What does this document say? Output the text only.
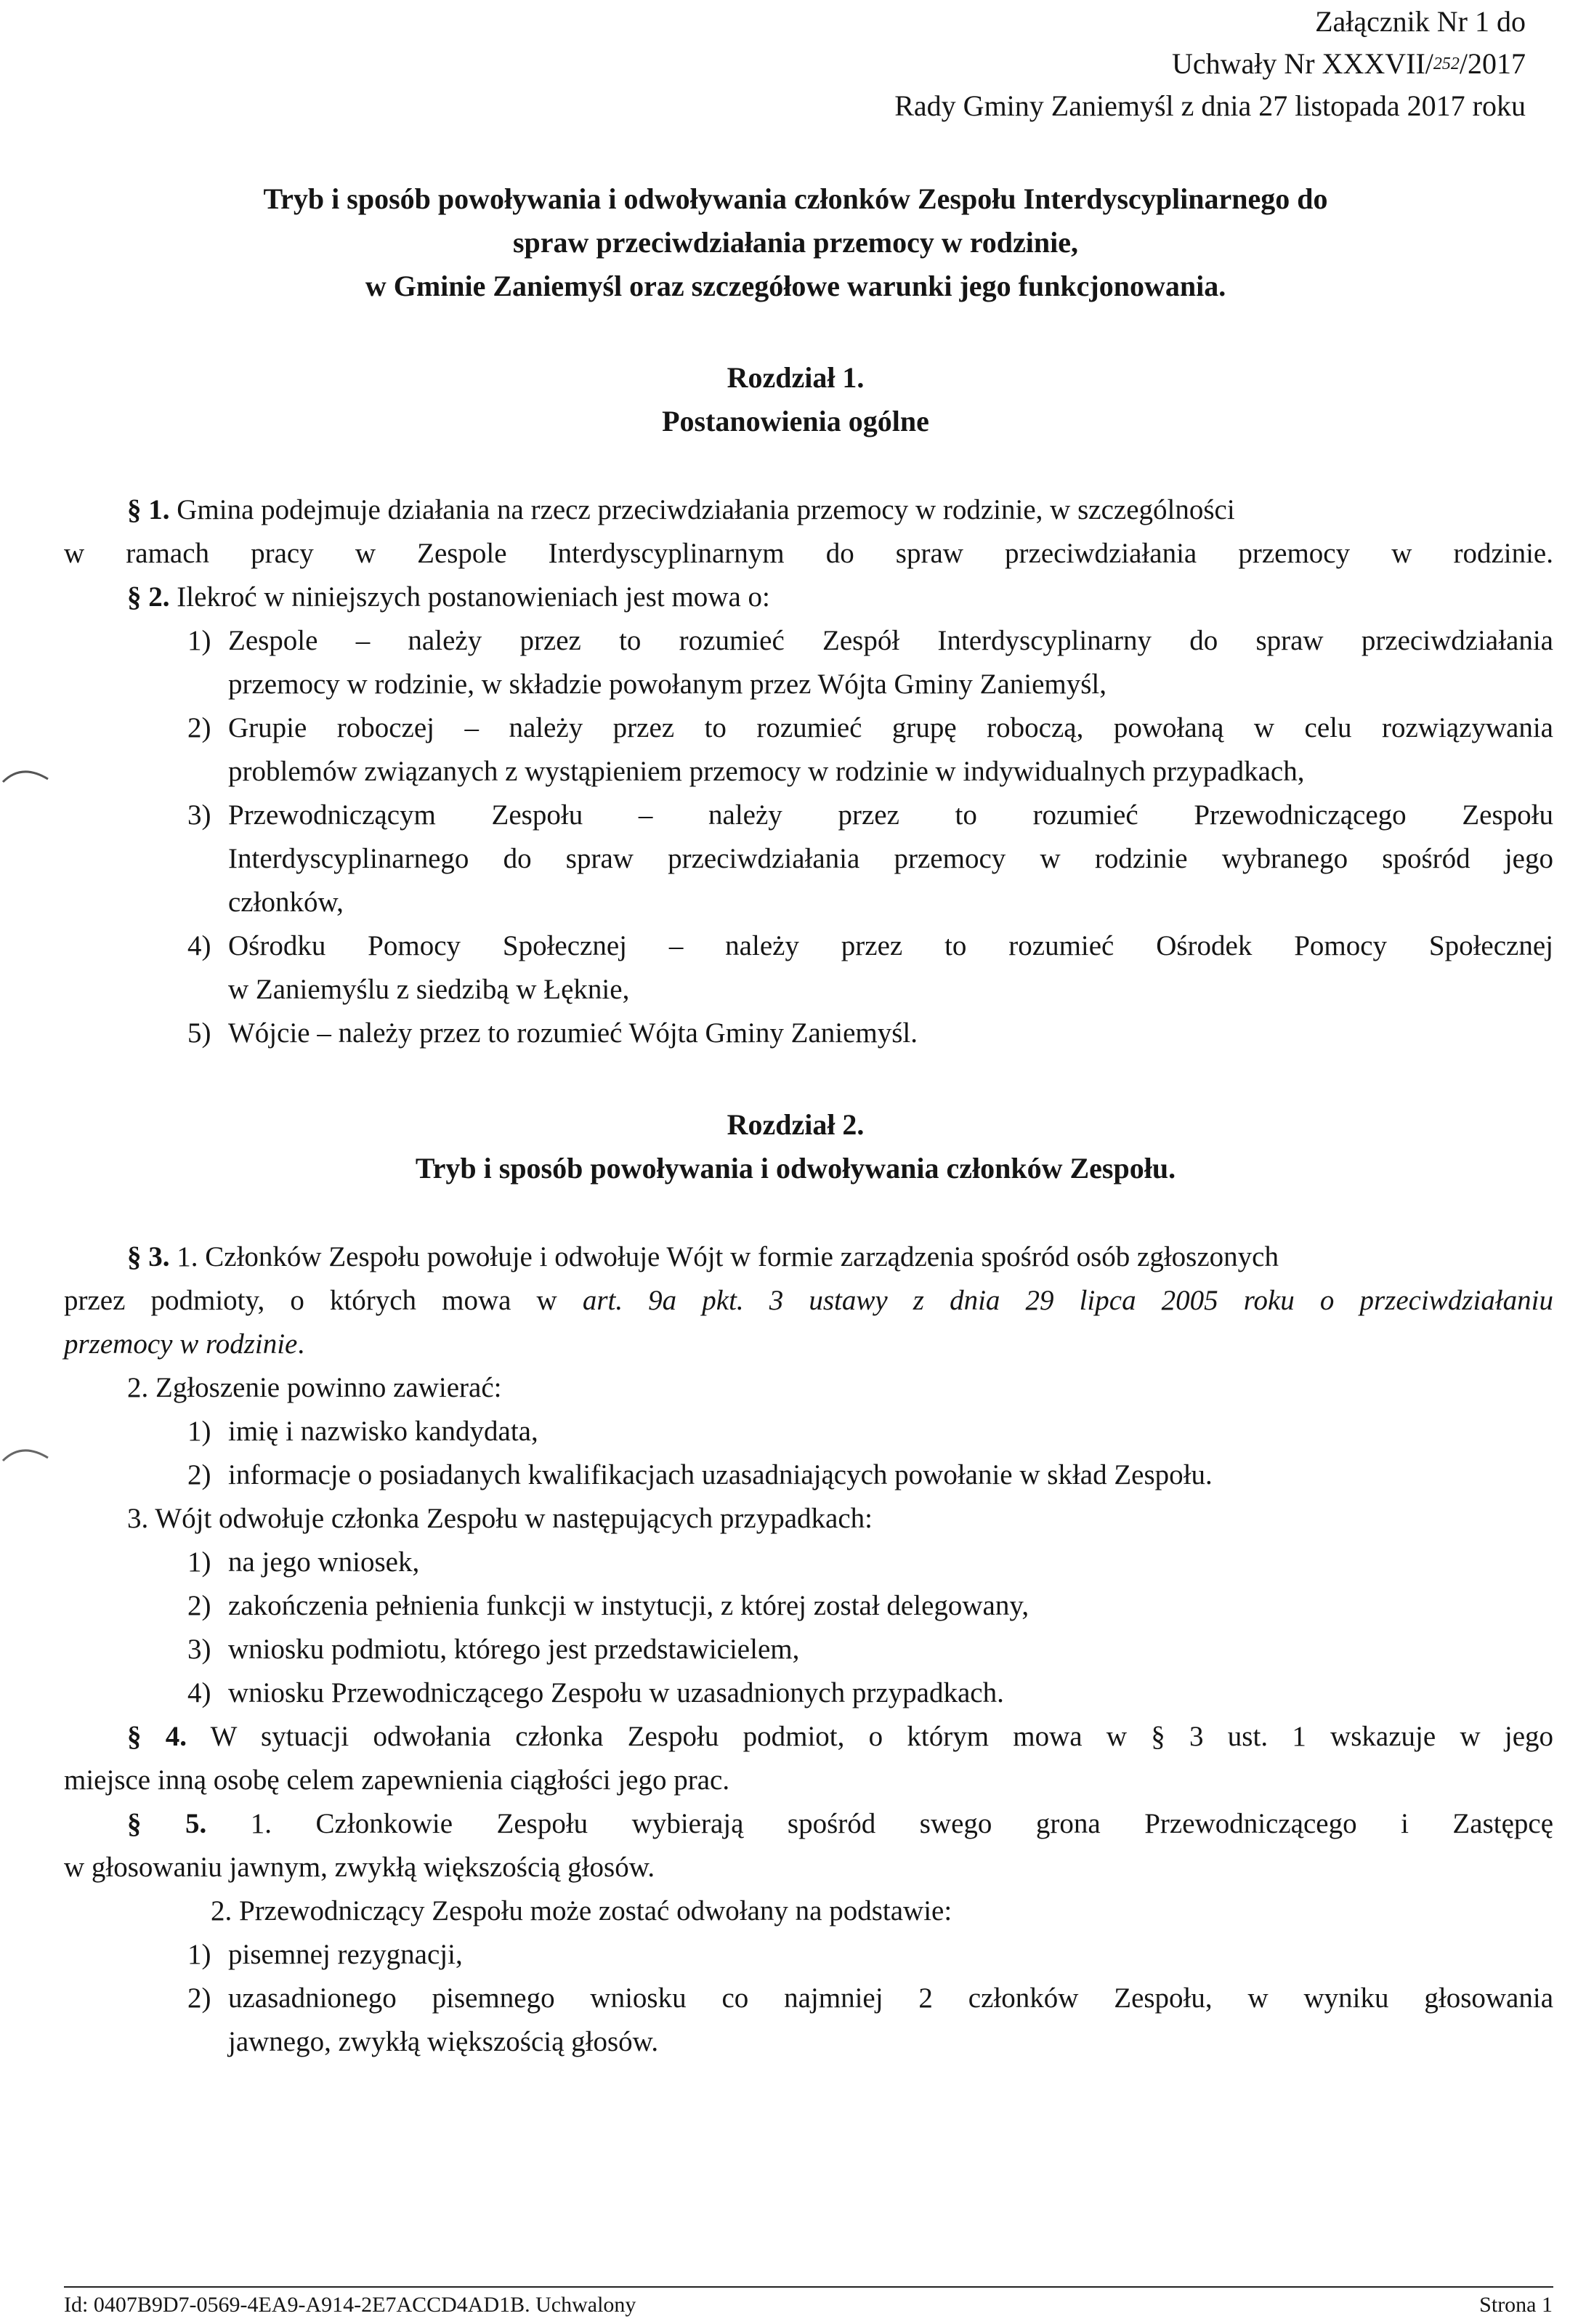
Załącznik Nr 1 do
Uchwały Nr XXXVII/252/2017
Rady Gminy Zaniemyśl z dnia 27 listopada 2017 roku
Tryb i sposób powoływania i odwoływania członków Zespołu Interdyscyplinarnego do
spraw przeciwdziałania przemocy w rodzinie,
w Gminie Zaniemyśl oraz szczegółowe warunki jego funkcjonowania.
Rozdział 1.
Postanowienia ogólne
§ 1. Gmina podejmuje działania na rzecz przeciwdziałania przemocy w rodzinie, w szczególności
w ramach pracy w Zespole Interdyscyplinarnym do spraw przeciwdziałania przemocy w rodzinie.
§ 2. Ilekroć w niniejszych postanowieniach jest mowa o:
1) Zespole – należy przez to rozumieć Zespół Interdyscyplinarny do spraw przeciwdziałania
przemocy w rodzinie, w składzie powołanym przez Wójta Gminy Zaniemyśl,
2) Grupie roboczej – należy przez to rozumieć grupę roboczą, powołaną w celu rozwiązywania
problemów związanych z wystąpieniem przemocy w rodzinie w indywidualnych przypadkach,
3) Przewodniczącym Zespołu – należy przez to rozumieć Przewodniczącego Zespołu
Interdyscyplinarnego do spraw przeciwdziałania przemocy w rodzinie wybranego spośród jego
członków,
4) Ośrodku Pomocy Społecznej – należy przez to rozumieć Ośrodek Pomocy Społecznej
w Zaniemyślu z siedzibą w Łęknie,
5) Wójcie – należy przez to rozumieć Wójta Gminy Zaniemyśl.
Rozdział 2.
Tryb i sposób powoływania i odwoływania członków Zespołu.
§ 3. 1. Członków Zespołu powołuje i odwołuje Wójt w formie zarządzenia spośród osób zgłoszonych
przez podmioty, o których mowa w art. 9a pkt. 3 ustawy z dnia 29 lipca 2005 roku o przeciwdziałaniu
przemocy w rodzinie.
2. Zgłoszenie powinno zawierać:
1) imię i nazwisko kandydata,
2) informacje o posiadanych kwalifikacjach uzasadniających powołanie w skład Zespołu.
3. Wójt odwołuje członka Zespołu w następujących przypadkach:
1) na jego wniosek,
2) zakończenia pełnienia funkcji w instytucji, z której został delegowany,
3) wniosku podmiotu, którego jest przedstawicielem,
4) wniosku Przewodniczącego Zespołu w uzasadnionych przypadkach.
§ 4. W sytuacji odwołania członka Zespołu podmiot, o którym mowa w § 3 ust. 1 wskazuje w jego
miejsce inną osobę celem zapewnienia ciągłości jego prac.
§ 5. 1. Członkowie Zespołu wybierają spośród swego grona Przewodniczącego i Zastępcę
w głosowaniu jawnym, zwykłą większością głosów.
2. Przewodniczący Zespołu może zostać odwołany na podstawie:
1) pisemnej rezygnacji,
2) uzasadnionego pisemnego wniosku co najmniej 2 członków Zespołu, w wyniku głosowania
jawnego, zwykłą większością głosów.
Id: 0407B9D7-0569-4EA9-A914-2E7ACCD4AD1B. Uchwalony	Strona 1
